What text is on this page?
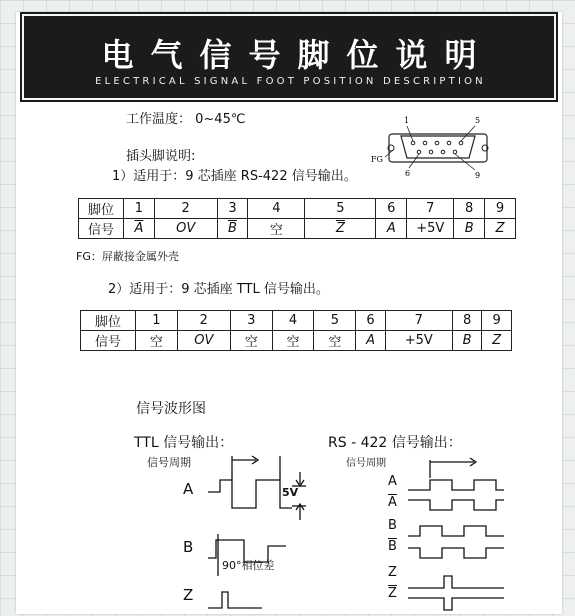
电气信号脚位说明
ELECTRICAL SIGNAL FOOT POSITION DESCRIPTION
工作温度： 0~45℃
插头脚说明:
1	5
6	9
FG
1）适用于：9 芯插座 RS-422 信号输出。
脚位	1	2	3	4	5	6	7	8	9
信号	$\overline{A}$	OV	$\overline{B}$	空	$\overline{Z}$	A	+5V	B	Z
FG：屏蔽接金属外壳
2）适用于：9 芯插座 TTL 信号输出。
脚位	1	2	3	4	5	6	7	8	9
信号	空	OV	空	空	空	A	+5V	B	Z
信号波形图
TTL 信号输出：
信号周期
A
B
Z
5V
90°相位差
RS - 422 信号输出：
信号周期
A
$\overline{A}$
B
$\overline{B}$
Z
$\overline{Z}$
